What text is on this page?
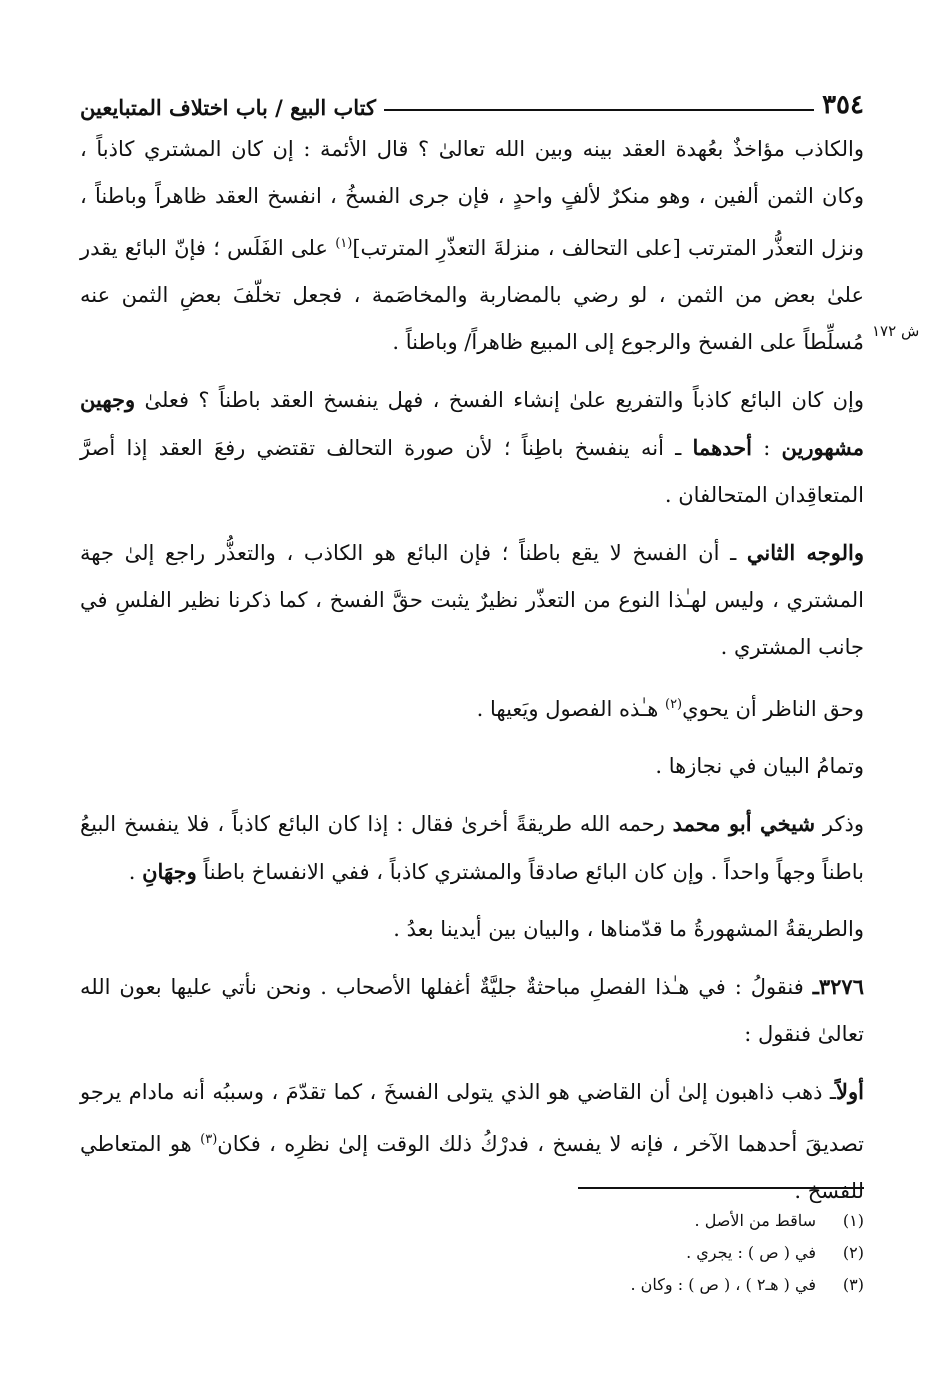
٣٥٤
كتاب البيع / باب اختلاف المتبايعين
ش ١٧٢

والكاذب مؤاخذٌ بعُهدة العقد بينه وبين الله تعالىٰ ؟ قال الأئمة : إن كان المشتري كاذباً ، وكان الثمن ألفين ، وهو منكرٌ لألفٍ واحدٍ ، فإن جرى الفسخُ ، انفسخ العقد ظاهراً وباطناً ، ونزل التعذُّر المترتب [على التحالف ، منزلةَ التعذّرِ المترتب]$^{(١)}$ على الفَلَس ؛ فإنّ البائع يقدر علىٰ بعض من الثمن ، لو رضي بالمضاربة والمخاصَمة ، فجعل تخلّفَ بعضِ الثمن عنه مُسلِّطاً على الفسخ والرجوع إلى المبيع ظاهراً/ وباطناً .

وإن كان البائع كاذباً والتفريع علىٰ إنشاء الفسخ ، فهل ينفسخ العقد باطناً ؟ فعلىٰ وجهين مشهورين : أحدهما ـ أنه ينفسخ باطِناً ؛ لأن صورة التحالف تقتضي رفعَ العقد إذا أصرَّ المتعاقِدان المتحالفان .

والوجه الثاني ـ أن الفسخ لا يقع باطناً ؛ فإن البائع هو الكاذب ، والتعذُّر راجع إلىٰ جهة المشتري ، وليس لهـٰذا النوع من التعذّر نظيرٌ يثبت حقَّ الفسخ ، كما ذكرنا نظير الفلسِ في جانب المشتري .

وحق الناظر أن يحوي$^{(٢)}$ هـٰذه الفصول ويَعيها .

وتمامُ البيان في نجازها .

وذكر شيخي أبو محمد رحمه الله طريقةً أخرىٰ فقال : إذا كان البائع كاذباً ، فلا ينفسخ البيعُ باطناً وجهاً واحداً . وإن كان البائع صادقاً والمشتري كاذباً ، ففي الانفساخ باطناً وجهَانِ .

والطريقةُ المشهورةُ ما قدّمناها ، والبيان بين أيدينا بعدُ .

٣٢٧٦ـ فنقولُ : في هـٰذا الفصلِ مباحثةٌ جليَّةٌ أغفلها الأصحاب . ونحن نأتي عليها بعون الله تعالىٰ فنقول :

أولاًـ ذهب ذاهبون إلىٰ أن القاضي هو الذي يتولى الفسخَ ، كما تقدّمَ ، وسببُه أنه مادام يرجو تصديقَ أحدهما الآخر ، فإنه لا يفسخ ، فدرْكُ ذلك الوقت إلىٰ نظرِه ، فكان$^{(٣)}$ هو المتعاطي للفسخ .

(١)ساقط من الأصل .
(٢)في ( ص ) : يجري .
(٣)في ( هـ٢ ) ، ( ص ) : وكان .
